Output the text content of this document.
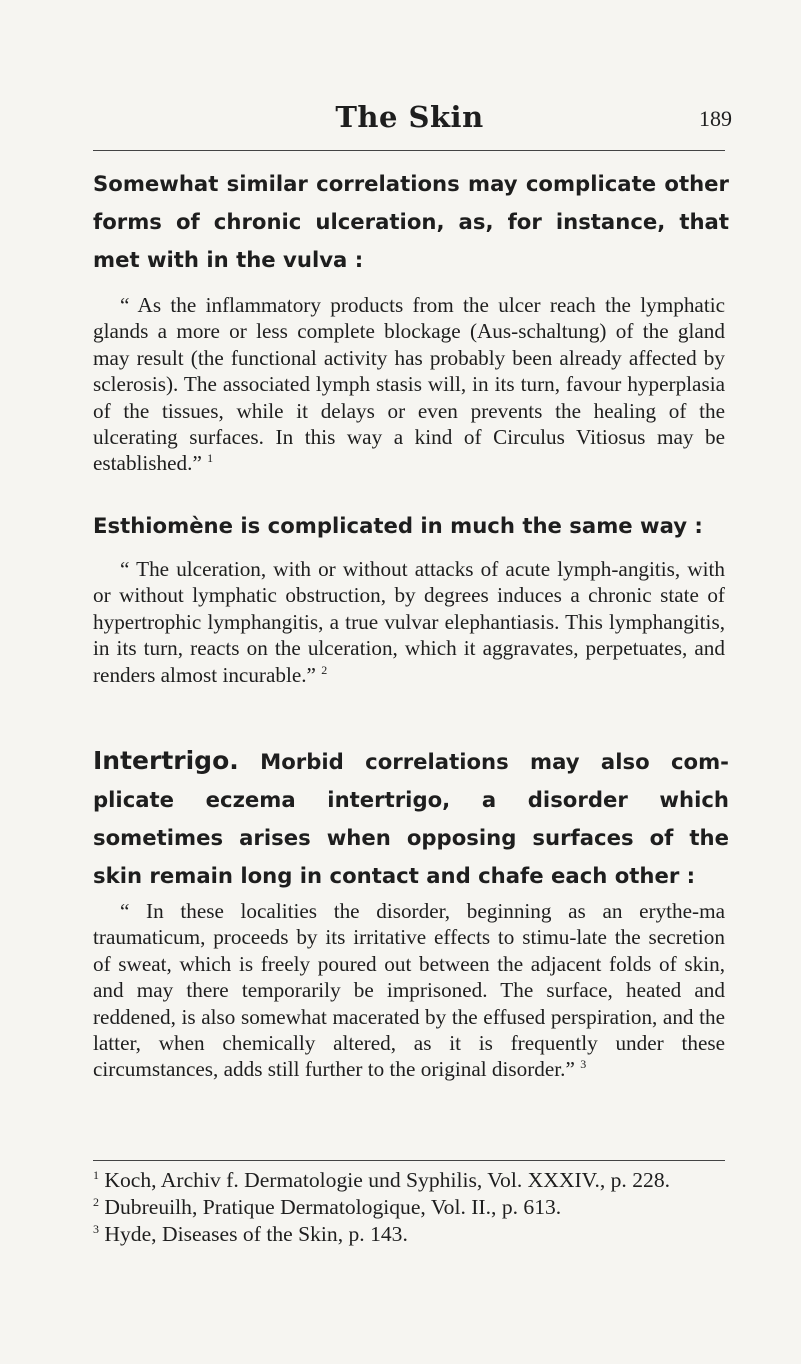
The Skin	189

Somewhat similar correlations may complicate other forms of chronic ulceration, as, for instance, that met with in the vulva :

“ As the inflammatory products from the ulcer reach the lymphatic glands a more or less complete blockage (Aus-schaltung) of the gland may result (the functional activity has probably been already affected by sclerosis). The associated lymph stasis will, in its turn, favour hyperplasia of the tissues, while it delays or even prevents the healing of the ulcerating surfaces. In this way a kind of Circulus Vitiosus may be established.” $^1$

Esthiomène is complicated in much the same way :

“ The ulceration, with or without attacks of acute lymph-angitis, with or without lymphatic obstruction, by degrees induces a chronic state of hypertrophic lymphangitis, a true vulvar elephantiasis. This lymphangitis, in its turn, reacts on the ulceration, which it aggravates, perpetuates, and renders almost incurable.” $^2$

Intertrigo. Morbid correlations may also com-plicate eczema intertrigo, a disorder which sometimes arises when opposing surfaces of the skin remain long in contact and chafe each other :

“ In these localities the disorder, beginning as an erythe-ma traumaticum, proceeds by its irritative effects to stimu-late the secretion of sweat, which is freely poured out between the adjacent folds of skin, and may there temporarily be imprisoned. The surface, heated and reddened, is also somewhat macerated by the effused perspiration, and the latter, when chemically altered, as it is frequently under these circumstances, adds still further to the original disorder.” $^3$

$^1$ Koch, Archiv f. Dermatologie und Syphilis, Vol. XXXIV., p. 228.
$^2$ Dubreuilh, Pratique Dermatologique, Vol. II., p. 613.
$^3$ Hyde, Diseases of the Skin, p. 143.
